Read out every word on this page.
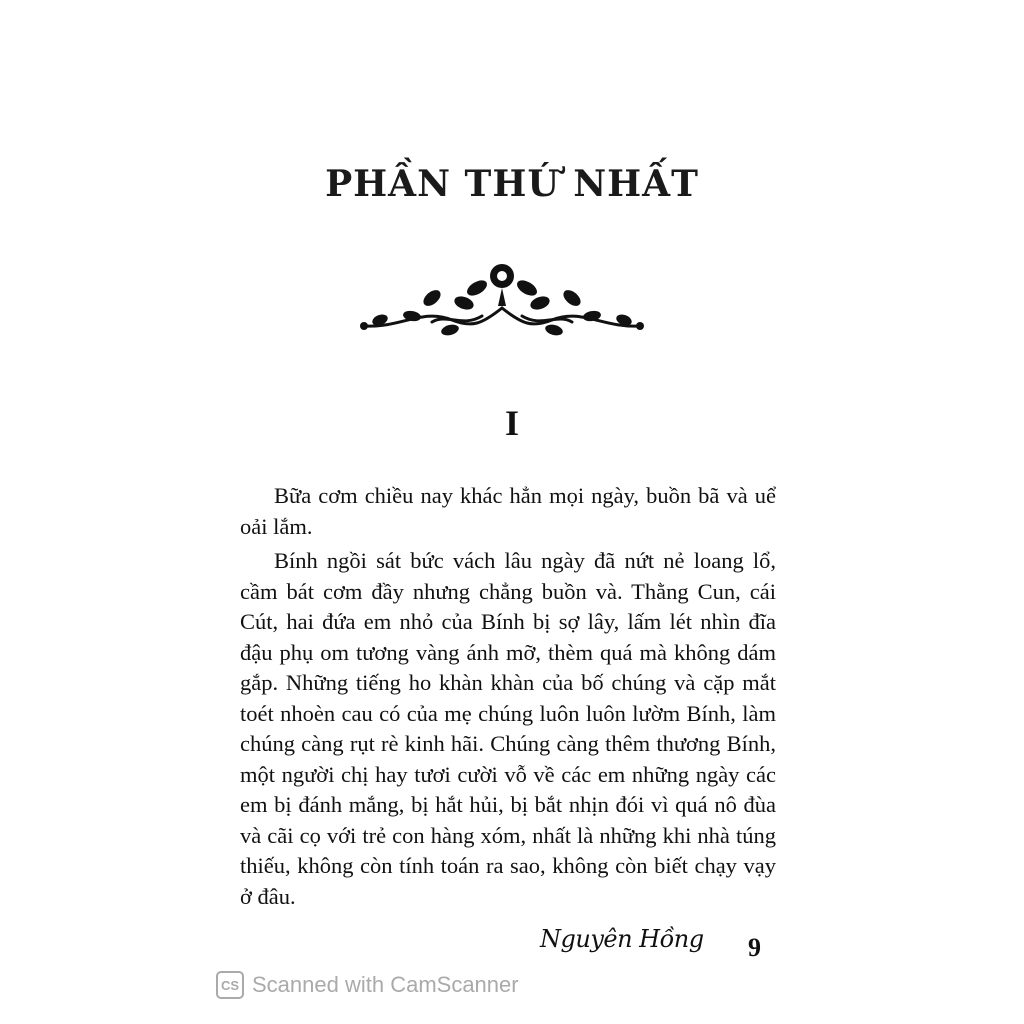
PHẦN THỨ NHẤT
I

Bữa cơm chiều nay khác hẳn mọi ngày, buồn bã và uể oải lắm.

Bính ngồi sát bức vách lâu ngày đã nứt nẻ loang lổ, cầm bát cơm đầy nhưng chẳng buồn và. Thằng Cun, cái Cút, hai đứa em nhỏ của Bính bị sợ lây, lấm lét nhìn đĩa đậu phụ om tương vàng ánh mỡ, thèm quá mà không dám gắp. Những tiếng ho khàn khàn của bố chúng và cặp mắt toét nhoèn cau có của mẹ chúng luôn luôn lườm Bính, làm chúng càng rụt rè kinh hãi. Chúng càng thêm thương Bính, một người chị hay tươi cười vỗ về các em những ngày các em bị đánh mắng, bị hắt hủi, bị bắt nhịn đói vì quá nô đùa và cãi cọ với trẻ con hàng xóm, nhất là những khi nhà túng thiếu, không còn tính toán ra sao, không còn biết chạy vạy ở đâu.

Nguyên Hồng 9
CS Scanned with CamScanner
